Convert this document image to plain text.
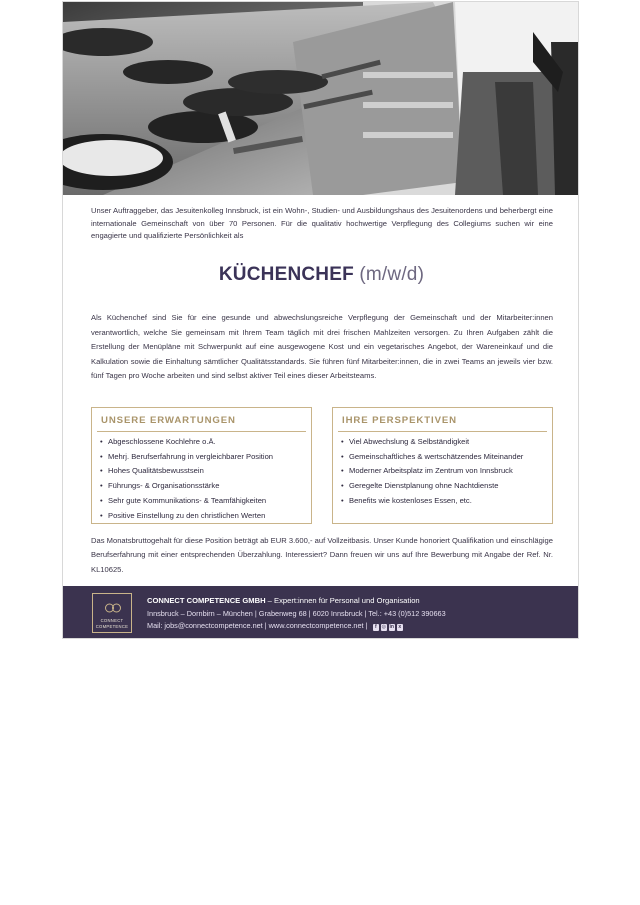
Unser Auftraggeber, das Jesuitenkolleg Innsbruck, ist ein Wohn-, Studien- und Ausbildungshaus des Jesuitenordens und beherbergt eine internationale Gemeinschaft von über 70 Personen. Für die qualitativ hochwertige Verpflegung des Collegiums suchen wir eine engagierte und qualifizierte Persönlichkeit als
KÜCHENCHEF (m/w/d)
Als Küchenchef sind Sie für eine gesunde und abwechslungsreiche Verpflegung der Gemeinschaft und der Mitarbeiter:innen verantwortlich, welche Sie gemeinsam mit Ihrem Team täglich mit drei frischen Mahlzeiten versorgen. Zu Ihren Aufgaben zählt die Erstellung der Menüpläne mit Schwerpunkt auf eine ausgewogene Kost und ein vegetarisches Angebot, der Wareneinkauf und die Kalkulation sowie die Einhaltung sämtlicher Qualitätsstandards. Sie führen fünf Mitarbeiter:innen, die in zwei Teams an jeweils vier bzw. fünf Tagen pro Woche arbeiten und sind selbst aktiver Teil eines dieser Arbeitsteams.
UNSERE ERWARTUNGEN
• Abgeschlossene Kochlehre o.Ä.
• Mehrj. Berufserfahrung in vergleichbarer Position
• Hohes Qualitätsbewusstsein
• Führungs- & Organisationsstärke
• Sehr gute Kommunikations- & Teamfähigkeiten
• Positive Einstellung zu den christlichen Werten
IHRE PERSPEKTIVEN
• Viel Abwechslung & Selbständigkeit
• Gemeinschaftliches & wertschätzendes Miteinander
• Moderner Arbeitsplatz im Zentrum von Innsbruck
• Geregelte Dienstplanung ohne Nachtdienste
• Benefits wie kostenloses Essen, etc.
Das Monatsbruttogehalt für diese Position beträgt ab EUR 3.600,- auf Vollzeitbasis. Unser Kunde honoriert Qualifikation und einschlägige Berufserfahrung mit einer entsprechenden Überzahlung. Interessiert? Dann freuen wir uns auf Ihre Bewerbung mit Angabe der Ref. Nr. KL10625.
CONNECT
COMPETENCE
CONNECT COMPETENCE GMBH – Expert:innen für Personal und Organisation
Innsbruck – Dornbirn – München | Grabenweg 68 | 6020 Innsbruck | Tel.: +43 (0)512 390663
Mail: jobs@connectcompetence.net | www.connectcompetence.net | f ◎ in x
